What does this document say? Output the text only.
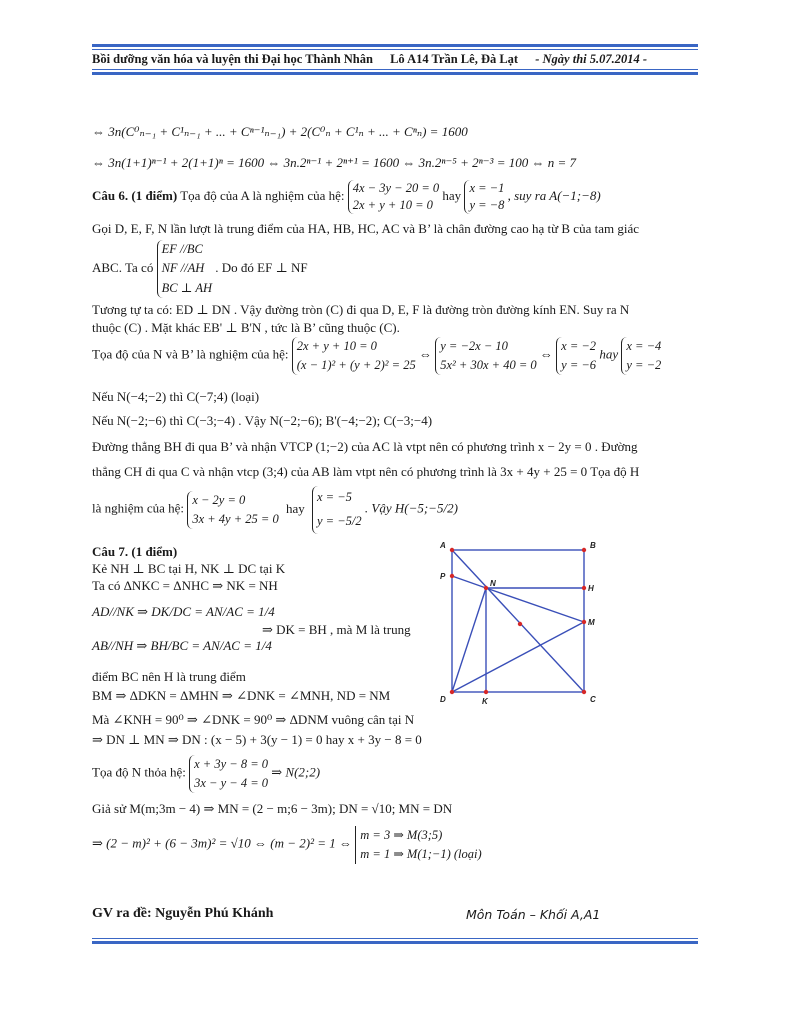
Bồi dưỡng văn hóa và luyện thi Đại học Thành Nhân Lô A14 Trần Lê, Đà Lạt - Ngày thi 5.07.2014 -
⇔ 3n(C⁰ₙ₋₁ + C¹ₙ₋₁ + ... + Cⁿ⁻¹ₙ₋₁) + 2(C⁰ₙ + C¹ₙ + ... + Cⁿₙ) = 1600
⇔ 3n(1+1)ⁿ⁻¹ + 2(1+1)ⁿ = 1600 ⇔ 3n.2ⁿ⁻¹ + 2ⁿ⁺¹ = 1600 ⇔ 3n.2ⁿ⁻⁵ + 2ⁿ⁻³ = 100 ⇔ n = 7
Câu 6. (1 điểm) Tọa độ của A là nghiệm của hệ: 4x − 3y − 20 = 0
2x + y + 10 = 0
hay x = −1
y = −8
, suy ra A(−1;−8)
Gọi D, E, F, N lần lượt là trung điểm của HA, HB, HC, AC và B’ là chân đường cao hạ từ B của tam giác
ABC. Ta có
EF //BC
NF //AH
BC ⊥ AH
. Do đó EF ⊥ NF
Tương tự ta có: ED ⊥ DN . Vậy đường tròn (C) đi qua D, E, F là đường tròn đường kính EN. Suy ra N
thuộc (C) . Mặt khác EB' ⊥ B'N , tức là B’ cũng thuộc (C).
Tọa độ của N và B’ là nghiệm của hệ:
2x + y + 10 = 0
(x − 1)² + (y + 2)² = 25
⇔
y = −2x − 10
5x² + 30x + 40 = 0
⇔
x = −2
y = −6
hay
x = −4
y = −2
Nếu N(−4;−2) thì C(−7;4) (loại)
Nếu N(−2;−6) thì C(−3;−4) . Vậy N(−2;−6); B'(−4;−2); C(−3;−4)
Đường thẳng BH đi qua B’ và nhận VTCP (1;−2) của AC là vtpt nên có phương trình x − 2y = 0 . Đường
thẳng CH đi qua C và nhận vtcp (3;4) của AB làm vtpt nên có phương trình là 3x + 4y + 25 = 0 Tọa độ H
là nghiệm của hệ:
x − 2y = 0
3x + 4y + 25 = 0
hay
x = −5
y = −5/2
. Vậy H(−5;−5/2)
Câu 7. (1 điểm)
Kẻ NH ⊥ BC tại H, NK ⊥ DC tại K
Ta có ΔNKC = ΔNHC ⇒ NK = NH
AD//NK ⇒ DK/DC = AN/AC = 1/4
AB//NH ⇒ BH/BC = AN/AC = 1/4
⇒ DK = BH , mà M là trung
điểm BC nên H là trung điểm
BM ⇒ ΔDKN = ΔMHN ⇒ ∠DNK = ∠MNH, ND = NM
Mà ∠KNH = 90⁰ ⇒ ∠DNK = 90⁰ ⇒ ΔDNM vuông cân tại N
⇒ DN ⊥ MN ⇒ DN : (x − 5) + 3(y − 1) = 0 hay x + 3y − 8 = 0
Tọa độ N thỏa hệ:
x + 3y − 8 = 0
3x − y − 4 = 0
⇒ N(2;2)
Giả sử M(m;3m − 4) ⇒ MN = (2 − m;6 − 3m); DN = √10; MN = DN
⇒ (2 − m)² + (6 − 3m)² = √10 ⇔ (m − 2)² = 1 ⇔
m = 3 ⇒ M(3;5)
m = 1 ⇒ M(1;−1) (loại)
A	B
C
D
P
N
H
M
K
GV ra đề: Nguyễn Phú Khánh	Môn Toán – Khối A,A1
